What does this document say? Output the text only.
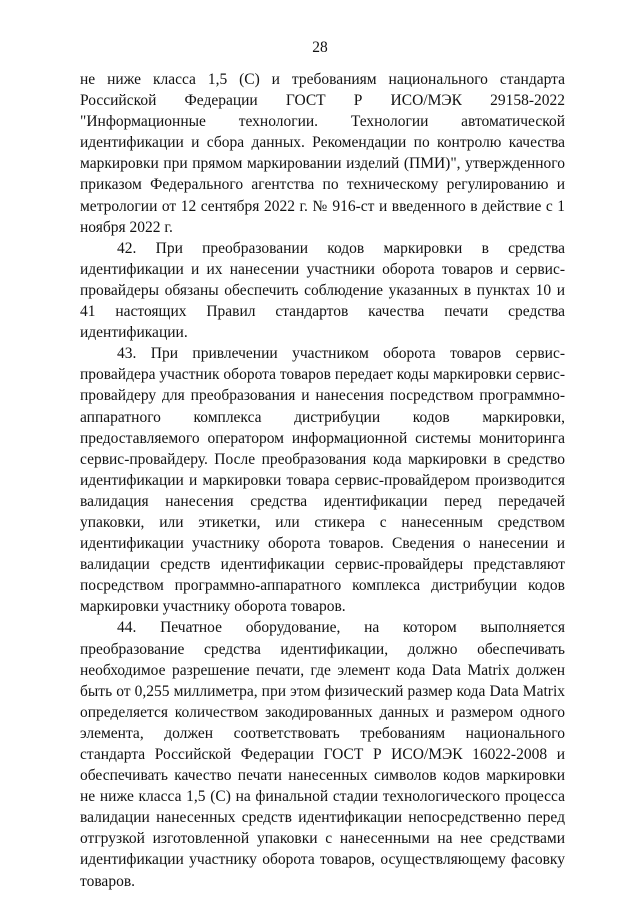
28

не ниже класса 1,5 (С) и требованиям национального стандарта Российской Федерации ГОСТ Р ИСО/МЭК 29158-2022 "Информационные технологии. Технологии автоматической идентификации и сбора данных. Рекомендации по контролю качества маркировки при прямом маркировании изделий (ПМИ)", утвержденного приказом Федерального агентства по техническому регулированию и метрологии от 12 сентября 2022 г. № 916-ст и введенного в действие с 1 ноября 2022 г.

42. При преобразовании кодов маркировки в средства идентификации и их нанесении участники оборота товаров и сервис-провайдеры обязаны обеспечить соблюдение указанных в пунктах 10 и 41 настоящих Правил стандартов качества печати средства идентификации.

43. При привлечении участником оборота товаров сервис-провайдера участник оборота товаров передает коды маркировки сервис-провайдеру для преобразования и нанесения посредством программно-аппаратного комплекса дистрибуции кодов маркировки, предоставляемого оператором информационной системы мониторинга сервис-провайдеру. После преобразования кода маркировки в средство идентификации и маркировки товара сервис-провайдером производится валидация нанесения средства идентификации перед передачей упаковки, или этикетки, или стикера с нанесенным средством идентификации участнику оборота товаров. Сведения о нанесении и валидации средств идентификации сервис-провайдеры представляют посредством программно-аппаратного комплекса дистрибуции кодов маркировки участнику оборота товаров.

44. Печатное оборудование, на котором выполняется преобразование средства идентификации, должно обеспечивать необходимое разрешение печати, где элемент кода Data Matrix должен быть от 0,255 миллиметра, при этом физический размер кода Data Matrix определяется количеством закодированных данных и размером одного элемента, должен соответствовать требованиям национального стандарта Российской Федерации ГОСТ Р ИСО/МЭК 16022-2008 и обеспечивать качество печати нанесенных символов кодов маркировки не ниже класса 1,5 (С) на финальной стадии технологического процесса валидации нанесенных средств идентификации непосредственно перед отгрузкой изготовленной упаковки с нанесенными на нее средствами идентификации участнику оборота товаров, осуществляющему фасовку товаров.
